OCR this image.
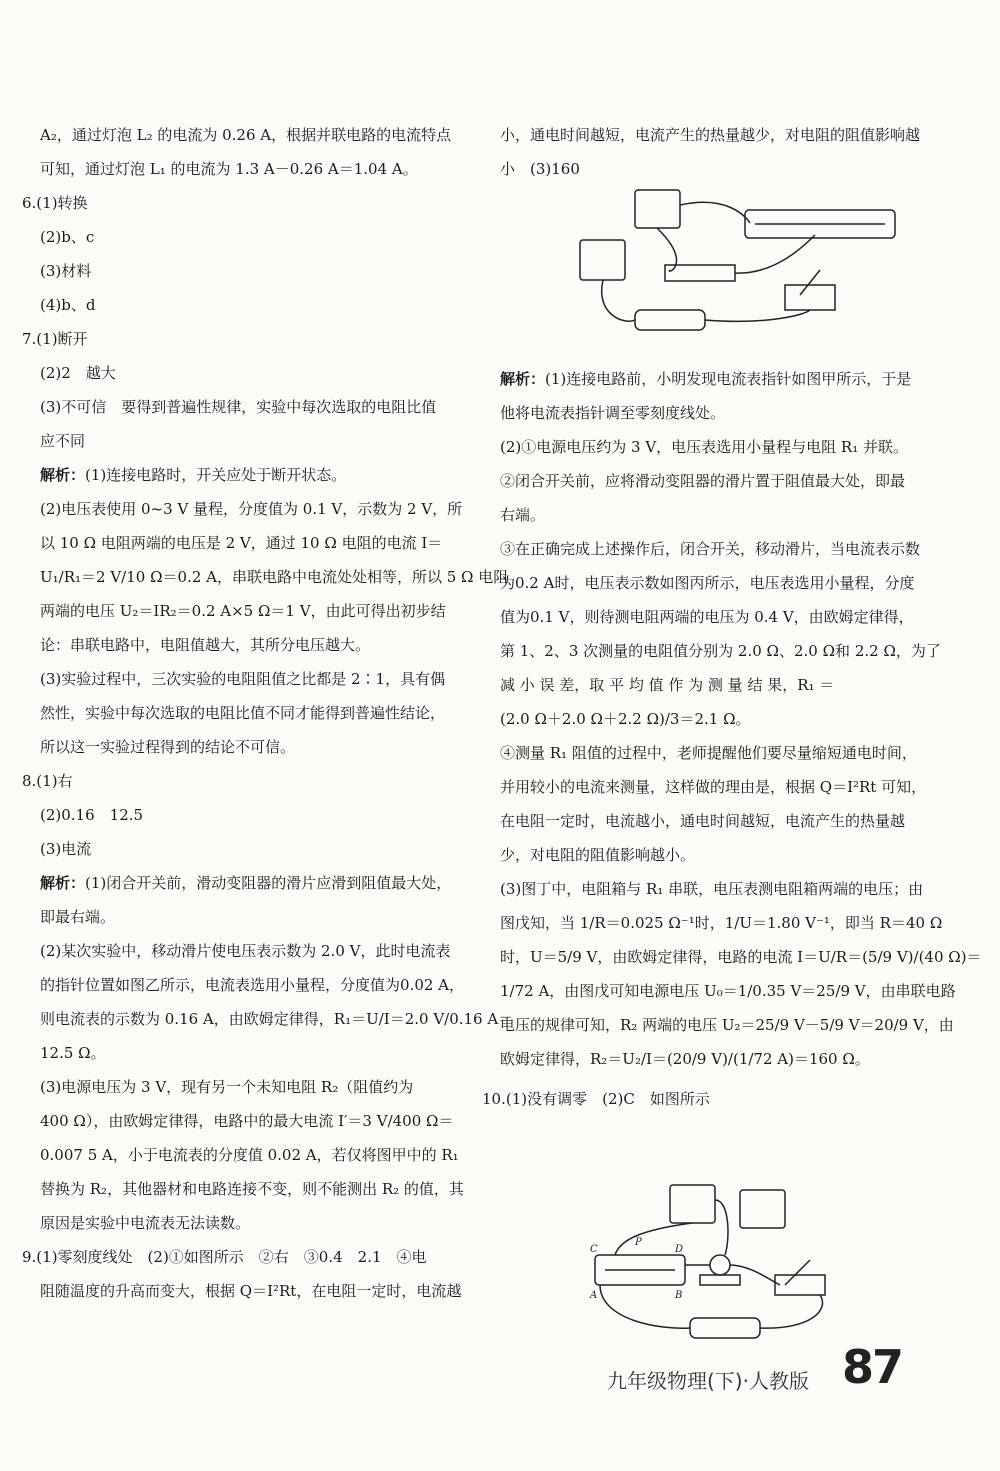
A₂，通过灯泡 L₂ 的电流为 0.26 A，根据并联电路的电流特点
可知，通过灯泡 L₁ 的电流为 1.3 A－0.26 A＝1.04 A。
6.(1)转换
(2)b、c
(3)材料
(4)b、d
7.(1)断开
(2)2　越大
(3)不可信　要得到普遍性规律，实验中每次选取的电阻比值
应不同
解析：(1)连接电路时，开关应处于断开状态。
(2)电压表使用 0~3 V 量程，分度值为 0.1 V，示数为 2 V，所
以 10 Ω 电阻两端的电压是 2 V，通过 10 Ω 电阻的电流 I＝
U₁/R₁＝2 V/10 Ω＝0.2 A，串联电路中电流处处相等，所以 5 Ω 电阻
两端的电压 U₂＝IR₂＝0.2 A×5 Ω＝1 V，由此可得出初步结
论：串联电路中，电阻值越大，其所分电压越大。
(3)实验过程中，三次实验的电阻阻值之比都是 2∶1，具有偶
然性，实验中每次选取的电阻比值不同才能得到普遍性结论，
所以这一实验过程得到的结论不可信。
8.(1)右
(2)0.16　12.5
(3)电流
解析：(1)闭合开关前，滑动变阻器的滑片应滑到阻值最大处，
即最右端。
(2)某次实验中，移动滑片使电压表示数为 2.0 V，此时电流表
的指针位置如图乙所示，电流表选用小量程，分度值为0.02 A，
则电流表的示数为 0.16 A，由欧姆定律得，R₁＝U/I＝2.0 V/0.16 A＝
12.5 Ω。
(3)电源电压为 3 V，现有另一个未知电阻 R₂（阻值约为
400 Ω），由欧姆定律得，电路中的最大电流 I′＝3 V/400 Ω＝
0.007 5 A，小于电流表的分度值 0.02 A，若仅将图甲中的 R₁
替换为 R₂，其他器材和电路连接不变，则不能测出 R₂ 的值，其
原因是实验中电流表无法读数。
9.(1)零刻度线处　(2)①如图所示　②右　③0.4　2.1　④电
阻随温度的升高而变大，根据 Q＝I²Rt，在电阻一定时，电流越
小，通电时间越短，电流产生的热量越少，对电阻的阻值影响越
小　(3)160
解析：(1)连接电路前，小明发现电流表指针如图甲所示，于是
他将电流表指针调至零刻度线处。
(2)①电源电压约为 3 V，电压表选用小量程与电阻 R₁ 并联。
②闭合开关前，应将滑动变阻器的滑片置于阻值最大处，即最
右端。
③在正确完成上述操作后，闭合开关，移动滑片，当电流表示数
为0.2 A时，电压表示数如图丙所示，电压表选用小量程，分度
值为0.1 V，则待测电阻两端的电压为 0.4 V，由欧姆定律得，
第 1、2、3 次测量的电阻值分别为 2.0 Ω、2.0 Ω和 2.2 Ω，为了
减 小 误 差，取 平 均 值 作 为 测 量 结 果，R₁ ＝
(2.0 Ω＋2.0 Ω＋2.2 Ω)/3＝2.1 Ω。
④测量 R₁ 阻值的过程中，老师提醒他们要尽量缩短通电时间，
并用较小的电流来测量，这样做的理由是，根据 Q＝I²Rt 可知，
在电阻一定时，电流越小，通电时间越短，电流产生的热量越
少，对电阻的阻值影响越小。
(3)图丁中，电阻箱与 R₁ 串联，电压表测电阻箱两端的电压；由
图戊知，当 1/R＝0.025 Ω⁻¹时，1/U＝1.80 V⁻¹，即当 R＝40 Ω
时，U＝5/9 V，由欧姆定律得，电路的电流 I＝U/R＝(5/9 V)/(40 Ω)＝
1/72 A，由图戊可知电源电压 U₀＝1/0.35 V＝25/9 V，由串联电路
电压的规律可知，R₂ 两端的电压 U₂＝25/9 V－5/9 V＝20/9 V，由
欧姆定律得，R₂＝U₂/I＝(20/9 V)/(1/72 A)＝160 Ω。
10.(1)没有调零　(2)C　如图所示
C
P
D
A	B
九年级物理(下)·人教版 87
